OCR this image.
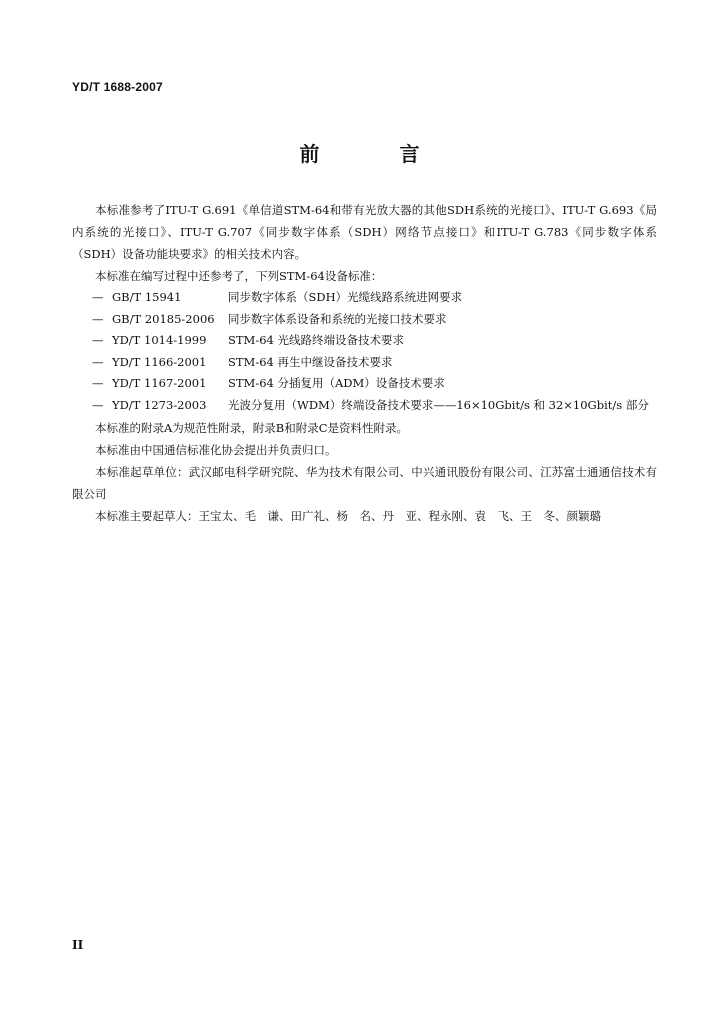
YD/T 1688-2007
前　言

本标准参考了ITU-T G.691《单信道STM-64和带有光放大器的其他SDH系统的光接口》、ITU-T G.693《局内系统的光接口》、ITU-T G.707《同步数字体系（SDH）网络节点接口》和ITU-T G.783《同步数字体系（SDH）设备功能块要求》的相关技术内容。

本标准在编写过程中还参考了，下列STM-64设备标准：

— GB/T 15941	同步数字体系（SDH）光缆线路系统进网要求
— GB/T 20185-2006 同步数字体系设备和系统的光接口技术要求
— YD/T 1014-1999 STM-64 光线路终端设备技术要求
— YD/T 1166-2001 STM-64 再生中继设备技术要求
— YD/T 1167-2001 STM-64 分插复用（ADM）设备技术要求
— YD/T 1273-2003 光波分复用（WDM）终端设备技术要求——16×10Gbit/s 和 32×10Gbit/s 部分

本标准的附录A为规范性附录，附录B和附录C是资料性附录。

本标准由中国通信标准化协会提出并负责归口。

本标准起草单位：武汉邮电科学研究院、华为技术有限公司、中兴通讯股份有限公司、江苏富士通通信技术有限公司

本标准主要起草人：王宝太、毛　谦、田广礼、杨　名、丹　亚、程永刚、袁　飞、王　冬、颜颖璐

II
